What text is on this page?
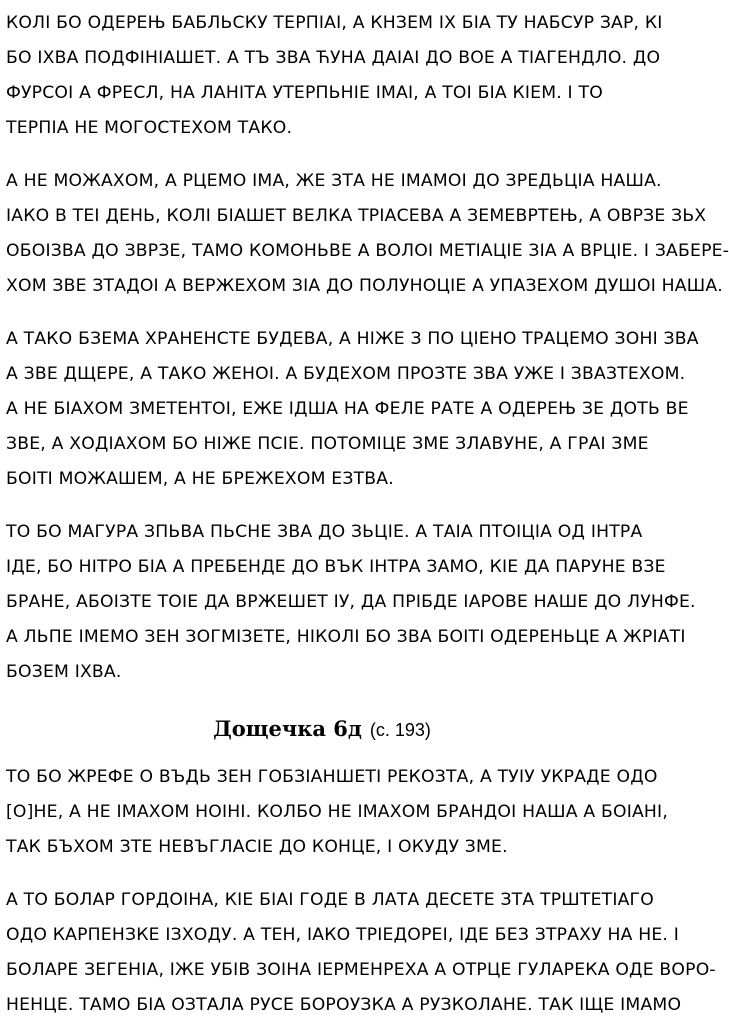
КОЛІ БО ОДЕРЕЊ БАБЛЬСКУ ТЕРПІАІ, А КНЗЕМ ІХ БІА ТУ НАБСУР ЗАР, КІ
БО ІХВА ПОДФІНIАШЕТ. А ТЪ ЗВА ЋУНА ДАІАІ ДО ВОЕ А ТІАГЕНДЛО. ДО
ФУРСОІ А ФРЕСЛ, НА ЛАНІТА УТЕРПЬНІЕ ІМАІ, А ТОІ БІА КІЕМ. І ТО
ТЕРПІА НЕ МОГОСТЕХОМ ТАКО.
А НЕ МОЖАХОМ, А РЦЕМО ІМА, ЖЕ ЗТА НЕ ІМАМОІ ДО ЗРЕДЬЦІА НАША.
ІАКО В ТЕІ ДЕНЬ, КОЛІ БІАШЕТ ВЕЛКА ТРІАСЕВА А ЗЕМЕВРТЕЊ, А ОВРЗЕ ЗЬХ
ОБОІЗВА ДО ЗВРЗЕ, ТАМО КОМОНЬВЕ А ВОЛОІ МЕТІАЦІЕ ЗІА А ВРЦІЕ. І ЗАБЕРE-
ХОМ ЗВЕ ЗТАДОІ А ВЕРЖЕХОМ ЗІА ДО ПОЛУНОЦІЕ А УПАЗЕХОМ ДУШОІ НАША.
А ТАКО БЗЕМА ХРАНЕНСТЕ БУДЕВА, А НІЖЕ З ПО ЦІЕНО ТРАЦЕМО ЗОНІ ЗВА
А ЗВЕ ДЩЕРЕ, А ТАКО ЖЕНОІ. А БУДЕХОМ ПРОЗТЕ ЗВА УЖЕ І ЗВАЗТЕХОМ.
А НЕ БІАХОМ ЗМЕТЕНТОІ, ЕЖЕ ІДША НА ФЕЛE РАТЕ А ОДЕРЕЊ ЗЕ ДОТЬ ВЕ
ЗВЕ, А ХОДІАХОМ БО НІЖЕ ПСІЕ. ПОТОМІЦЕ ЗМЕ ЗЛАВУНЕ, А ГРАІ ЗМЕ
БОІТІ МОЖАШЕМ, А НЕ БРЕЖЕХОМ ЕЗТВА.
ТО БО МАГУРА ЗПЬВА ПЬСНЕ ЗВА ДО ЗЬЦІЕ. А ТАІА ПТОІЦІА ОД ІНТРА
ІДЕ, БО НІТРО БІА А ПРЕБЕНДЕ ДО ВЪК ІНТРА ЗАМО, КІЕ ДА ПАРУНЕ ВЗЕ
БРАНЕ, АБОІЗТЕ ТОІЕ ДА ВРЖЕШЕТ ІУ, ДА ПРІБДЕ ІАРОВЕ НАШЕ ДО ЛУНФЕ.
А ЛЬПЕ ІМЕМО ЗЕН ЗОГМІЗЕТЕ, НІКОЛІ БО ЗВА БОІТІ ОДЕРЕНЬЦЕ А ЖРІАТІ
БОЗЕМ ІХВА.
Дощечка 6д (с. 193)
ТО БО ЖРЕФЕ О ВЪДЬ ЗЕН ГОБЗІАНШЕТІ РЕКОЗТА, А ТУІУ УКРАДЕ ОДО
[О]НЕ, А НЕ ІМАХОМ НОІНІ. КОЛБО НЕ ІМАХОМ БРАНДОІ НАША А БОІАНІ,
ТАК БЪХОМ ЗТЕ НЕВЪГЛАСІЕ ДО КОНЦЕ, І ОКУДУ ЗМЕ.
А ТО БОЛАР ГОРДОІНА, КІЕ БІАІ ГОДЕ В ЛАТА ДЕСЕТЕ ЗТА ТРШТЕТІАГО
ОДО КАРПЕНЗКЕ ІЗХОДУ. А ТЕН, ІАКО ТРІЕДОРЕІ, ІДЕ БЕЗ ЗТРАХУ НА НЕ. І
БОЛАРЕ ЗЕГЕНІА, ІЖЕ УБІВ ЗОІНА ІЕРМЕНРЕХА А ОТРЦЕ ГУЛАРЕКА ОДЕ ВОРО-
НЕНЦЕ. ТАМО БІА ОЗТАЛА РУСЕ БОРОУЗКА А РУЗКОЛАНЕ. ТАК ІЩЕ ІМАМО
